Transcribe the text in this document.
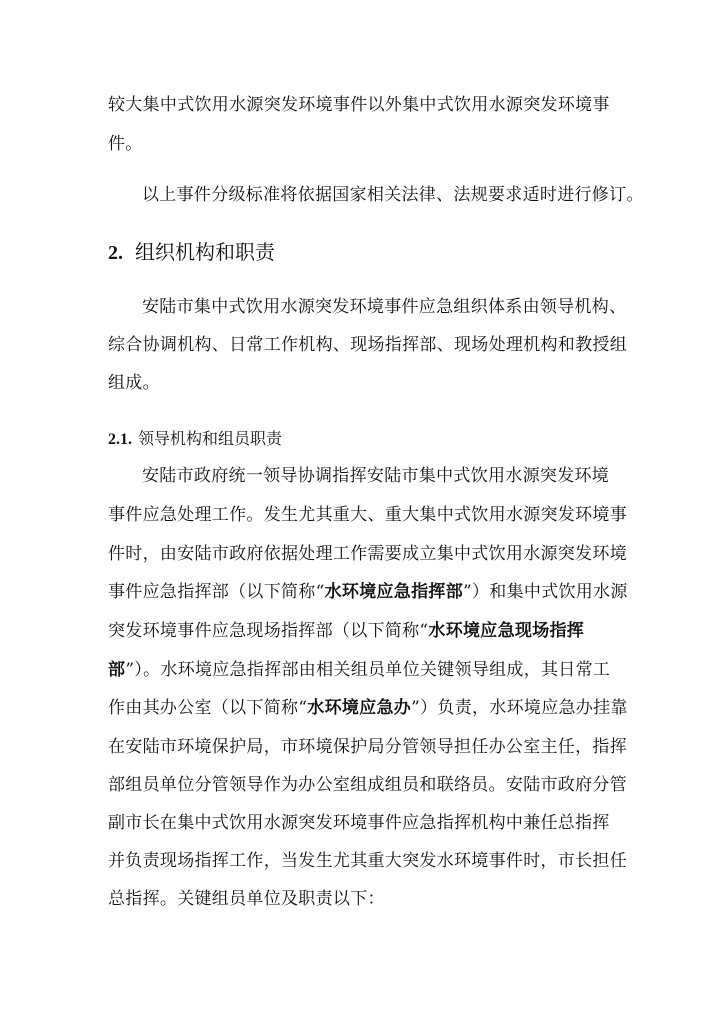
较大集中式饮用水源突发环境事件以外集中式饮用水源突发环境事
件。
以上事件分级标准将依据国家相关法律、法规要求适时进行修订。
2. 组织机构和职责
安陆市集中式饮用水源突发环境事件应急组织体系由领导机构、
综合协调机构、日常工作机构、现场指挥部、现场处理机构和教授组
组成。
2.1. 领导机构和组员职责
安陆市政府统一领导协调指挥安陆市集中式饮用水源突发环境
事件应急处理工作。发生尤其重大、重大集中式饮用水源突发环境事
件时，由安陆市政府依据处理工作需要成立集中式饮用水源突发环境
事件应急指挥部（以下简称“水环境应急指挥部”）和集中式饮用水源
突发环境事件应急现场指挥部（以下简称“水环境应急现场指挥
部”）。水环境应急指挥部由相关组员单位关键领导组成，其日常工
作由其办公室（以下简称“水环境应急办”）负责，水环境应急办挂靠
在安陆市环境保护局，市环境保护局分管领导担任办公室主任，指挥
部组员单位分管领导作为办公室组成组员和联络员。安陆市政府分管
副市长在集中式饮用水源突发环境事件应急指挥机构中兼任总指挥
并负责现场指挥工作，当发生尤其重大突发水环境事件时，市长担任
总指挥。关键组员单位及职责以下：
